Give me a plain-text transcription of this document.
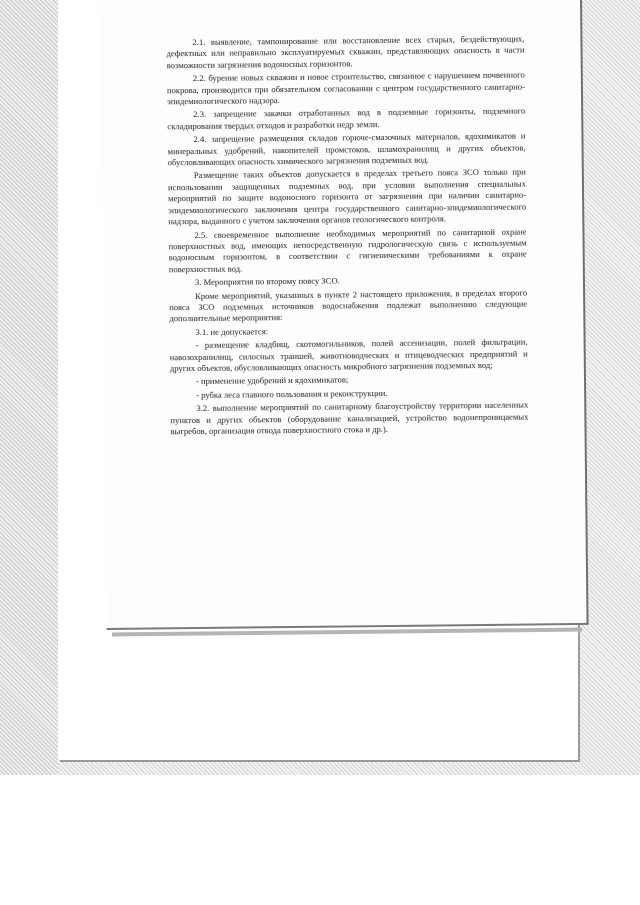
2.1. выявление, тампонирование или восстановление всех старых, бездействующих, дефектных или неправильно эксплуатируемых скважин, представляющих опасность в части возможности загрязнения водоносных горизонтов.

2.2. бурение новых скважин и новое строительство, связанное с нарушением почвенного покрова, производится при обязательном согласовании с центром государственного санитарно-эпидемиологического надзора.

2.3. запрещение закачки отработанных вод в подземные горизонты, подземного складирования твердых отходов и разработки недр земли.

2.4. запрещение размещения складов горюче-смазочных материалов, ядохимикатов и минеральных удобрений, накопителей промстоков, шламохранилищ и других объектов, обусловливающих опасность химического загрязнения подземных вод.

Размещение таких объектов допускается в пределах третьего пояса ЗСО только при использовании защищенных подземных вод, при условии выполнения специальных мероприятий по защите водоносного горизонта от загрязнения при наличии санитарно-эпидемиологического заключения центра государственного санитарно-эпидемиологического надзора, выданного с учетом заключения органов геологического контроля.

2.5. своевременное выполнение необходимых мероприятий по санитарной охране поверхностных вод, имеющих непосредственную гидрологическую связь с используемым водоносным горизонтом, в соответствии с гигиеническими требованиями к охране поверхностных вод.

3. Мероприятия по второму поясу ЗСО.

Кроме мероприятий, указанных в пункте 2 настоящего приложения, в пределах второго пояса ЗСО подземных источников водоснабжения подлежат выполнению следующие дополнительные мероприятия:

3.1. не допускается:

- размещение кладбищ, скотомогильников, полей ассенизации, полей фильтрации, навозохранилищ, силосных траншей, животноводческих и птицеводческих предприятий и других объектов, обусловливающих опасность микробного загрязнения подземных вод;

- применение удобрений и ядохимикатов;

- рубка леса главного пользования и реконструкции.

3.2. выполнение мероприятий по санитарному благоустройству территории населенных пунктов и других объектов (оборудование канализацией, устройство водонепроницаемых выгребов, организация отвода поверхностного стока и др.).
